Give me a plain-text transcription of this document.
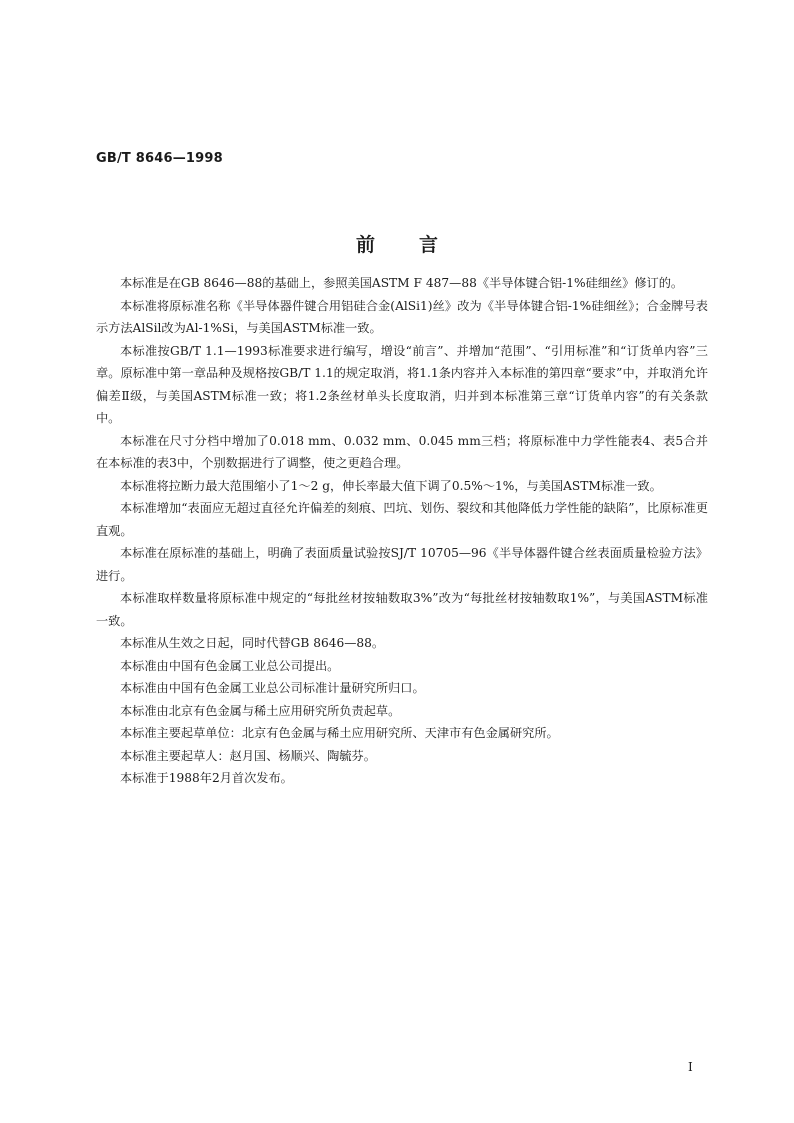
GB/T 8646—1998
前言

本标准是在GB 8646—88的基础上，参照美国ASTM F 487—88《半导体键合铝-1%硅细丝》修订的。

本标准将原标准名称《半导体器件键合用铝硅合金(AlSi1)丝》改为《半导体键合铝-1%硅细丝》；合金牌号表示方法AlSil改为Al-1%Si，与美国ASTM标准一致。

本标准按GB/T 1.1—1993标准要求进行编写，增设“前言”、并增加“范围”、“引用标准”和“订货单内容”三章。原标准中第一章品种及规格按GB/T 1.1的规定取消，将1.1条内容并入本标准的第四章“要求”中，并取消允许偏差Ⅱ级，与美国ASTM标准一致；将1.2条丝材单头长度取消，归并到本标准第三章“订货单内容”的有关条款中。

本标准在尺寸分档中增加了0.018 mm、0.032 mm、0.045 mm三档；将原标准中力学性能表4、表5合并在本标准的表3中，个别数据进行了调整，使之更趋合理。

本标准将拉断力最大范围缩小了1～2 g，伸长率最大值下调了0.5%～1%，与美国ASTM标准一致。

本标准增加“表面应无超过直径允许偏差的刻痕、凹坑、划伤、裂纹和其他降低力学性能的缺陷”，比原标准更直观。

本标准在原标准的基础上，明确了表面质量试验按SJ/T 10705—96《半导体器件键合丝表面质量检验方法》进行。

本标准取样数量将原标准中规定的“每批丝材按轴数取3%”改为“每批丝材按轴数取1%”，与美国ASTM标准一致。

本标准从生效之日起，同时代替GB 8646—88。

本标准由中国有色金属工业总公司提出。

本标准由中国有色金属工业总公司标准计量研究所归口。

本标准由北京有色金属与稀土应用研究所负责起草。

本标准主要起草单位：北京有色金属与稀土应用研究所、天津市有色金属研究所。

本标准主要起草人：赵月国、杨顺兴、陶毓芬。

本标准于1988年2月首次发布。

I
